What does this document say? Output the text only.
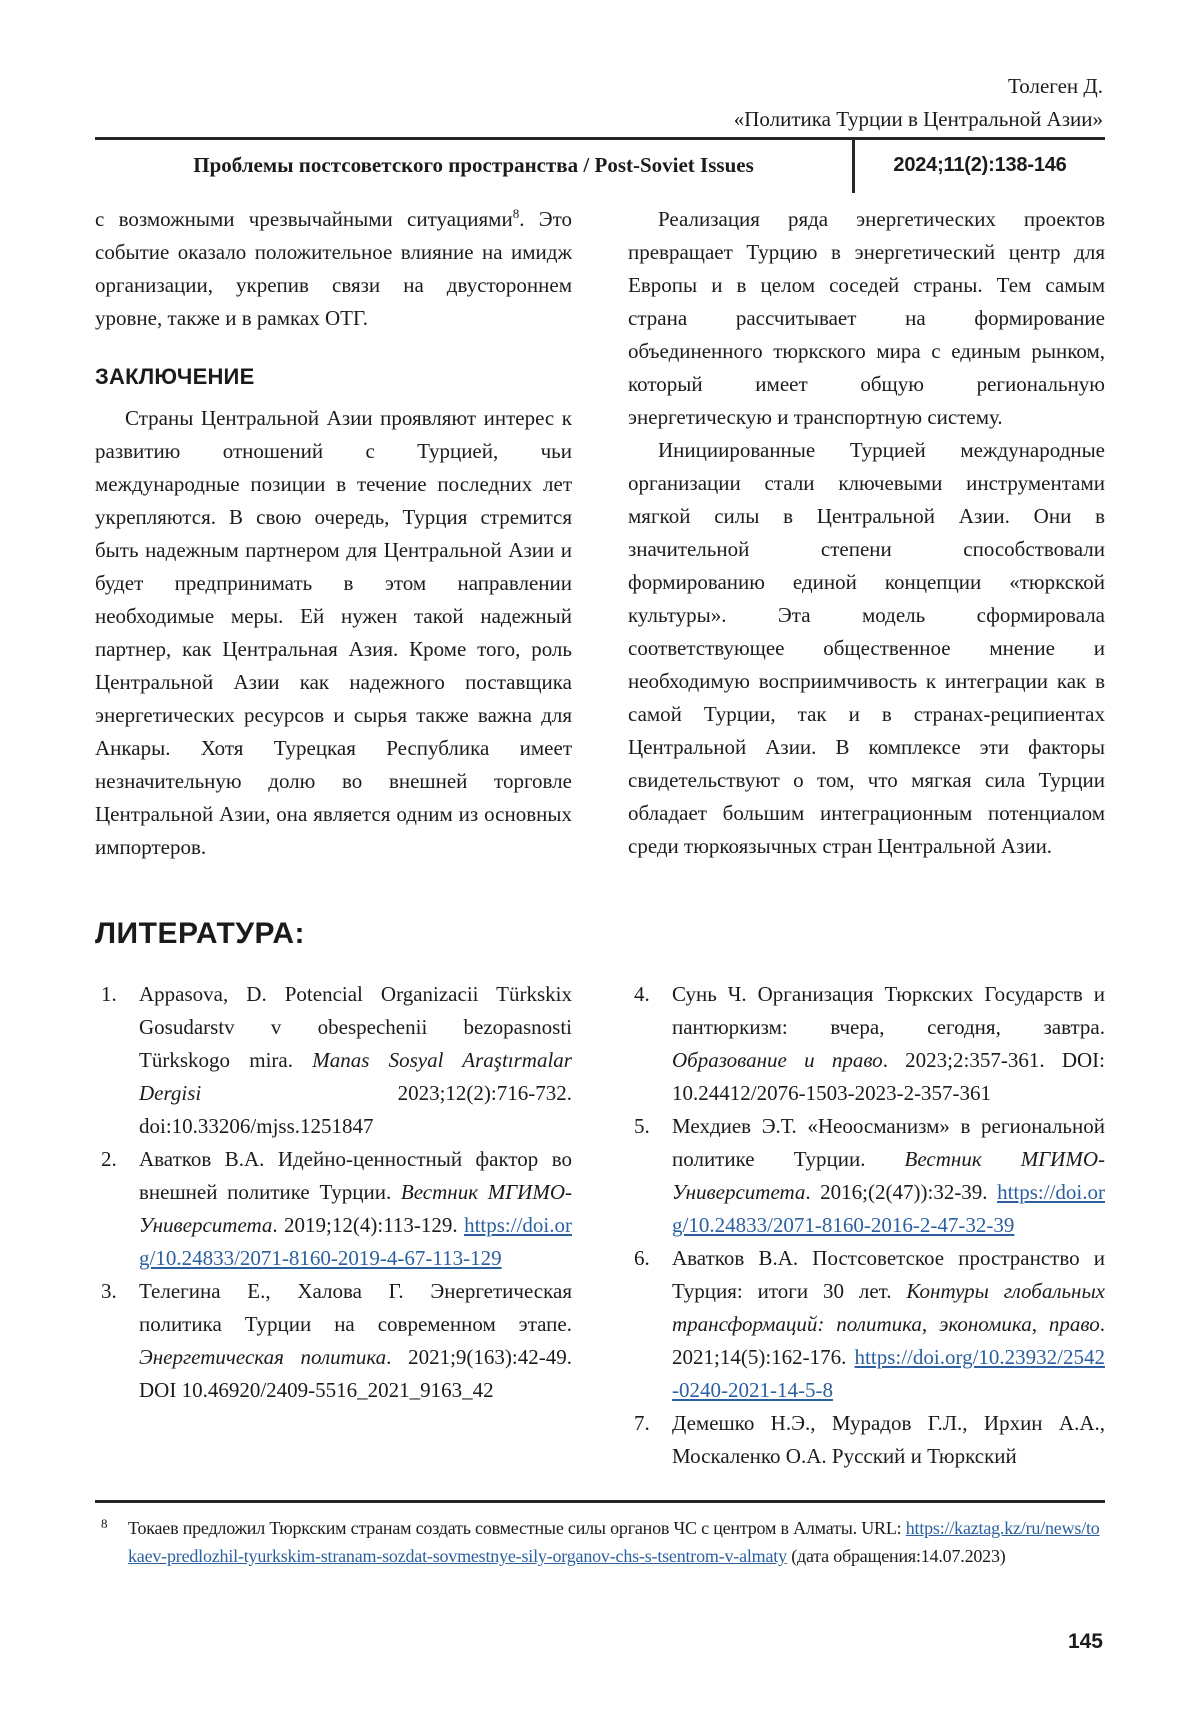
Толеген Д.
«Политика Турции в Центральной Азии»
Проблемы постсоветского пространства / Post-Soviet Issues	2024;11(2):138-146

с возможными чрезвычайными ситуациями$^8$. Это событие оказало положительное влияние на имидж организации, укрепив связи на двустороннем уровне, также и в рамках ОТГ.

ЗАКЛЮЧЕНИЕ

Страны Центральной Азии проявляют интерес к развитию отношений с Турцией, чьи международные позиции в течение последних лет укрепляются. В свою очередь, Турция стремится быть надежным партнером для Центральной Азии и будет предпринимать в этом направлении необходимые меры. Ей нужен такой надежный партнер, как Центральная Азия. Кроме того, роль Центральной Азии как надежного поставщика энергетических ресурсов и сырья также важна для Анкары. Хотя Турецкая Республика имеет незначительную долю во внешней торговле Центральной Азии, она является одним из основных импортеров.

Реализация ряда энергетических проектов превращает Турцию в энергетический центр для Европы и в целом соседей страны. Тем самым страна рассчитывает на формирование объединенного тюркского мира с единым рынком, который имеет общую региональную энергетическую и транспортную систему.

Инициированные Турцией международные организации стали ключевыми инструментами мягкой силы в Центральной Азии. Они в значительной степени способствовали формированию единой концепции «тюркской культуры». Эта модель сформировала соответствующее общественное мнение и необходимую восприимчивость к интеграции как в самой Турции, так и в странах-реципиентах Центральной Азии. В комплексе эти факторы свидетельствуют о том, что мягкая сила Турции обладает большим интеграционным потенциалом среди тюркоязычных стран Центральной Азии.

ЛИТЕРАТУРА:
1.	Appasova, D. Potencial Organizacii Türkskix Gosudarstv v obespechenii bezopasnosti Türkskogo mira. Manas Sosyal Araştırmalar Dergisi 2023;12(2):716-732. doi:10.33206/mjss.1251847
2.	Аватков В.А. Идейно-ценностный фактор во внешней политике Турции. Вестник МГИМО-Университета. 2019;12(4):113-129. https://doi.org/10.24833/2071-8160-2019-4-67-113-129
3.	Телегина Е., Халова Г. Энергетическая политика Турции на современном этапе. Энергетическая политика. 2021;9(163):42-49. DOI 10.46920/2409-5516_2021_9163_42
4.	Сунь Ч. Организация Тюркских Государств и пантюркизм: вчера, сегодня, завтра. Образование и право. 2023;2:357-361. DOI: 10.24412/2076-1503-2023-2-357-361
5.	Мехдиев Э.Т. «Неоосманизм» в региональной политике Турции. Вестник МГИМО-Университета. 2016;(2(47)):32-39. https://doi.org/10.24833/2071-8160-2016-2-47-32-39
6.	Аватков В.А. Постсоветское пространство и Турция: итоги 30 лет. Контуры глобальных трансформаций: политика, экономика, право. 2021;14(5):162-176. https://doi.org/10.23932/2542-0240-2021-14-5-8
7.	Демешко Н.Э., Мурадов Г.Л., Ирхин А.А., Москаленко О.А. Русский и Тюркский
8 Токаев предложил Тюркским странам создать совместные силы органов ЧС с центром в Алматы. URL: https://kaztag.kz/ru/news/tokaev-predlozhil-tyurkskim-stranam-sozdat-sovmestnye-sily-organov-chs-s-tsentrom-v-almaty (дата обращения:14.07.2023)
145
